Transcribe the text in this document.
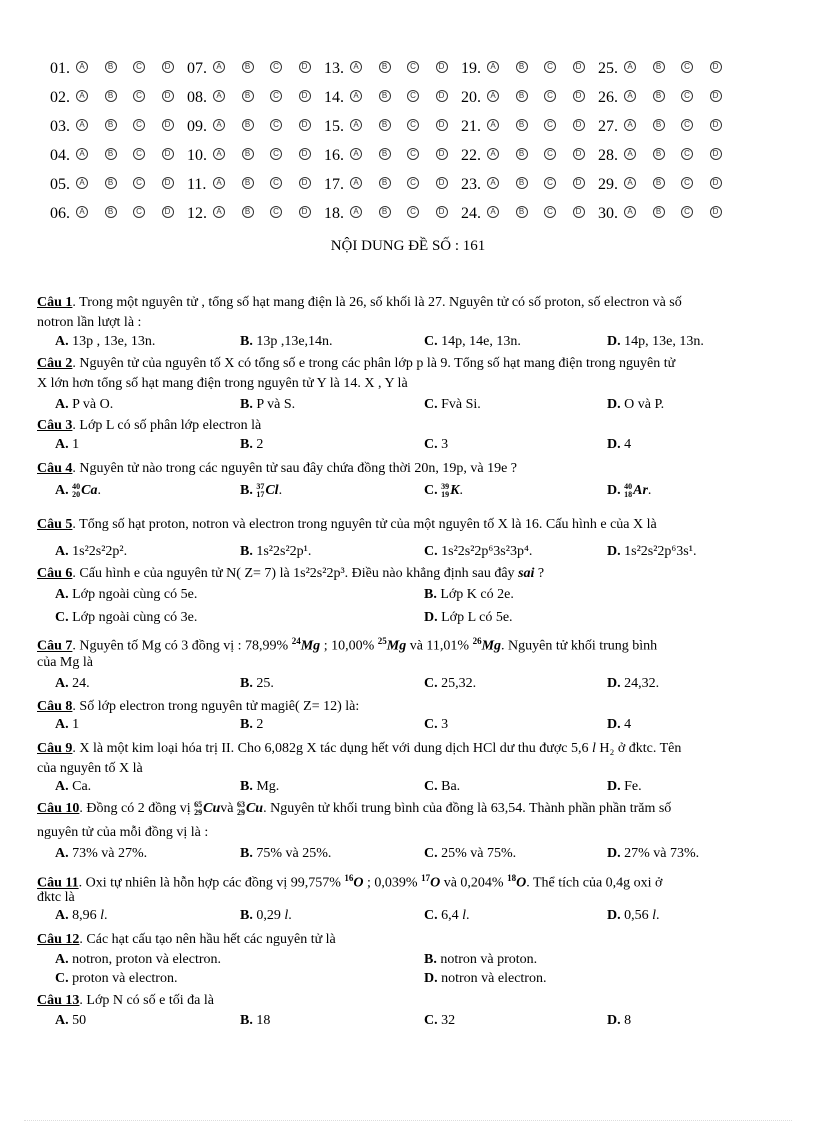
01.	A	B	C	D
02.	A	B	C	D
03.	A	B	C	D
04.	A	B	C	D
05.	A	B	C	D
06.	A	B	C	D
07.	A	B	C	D
08.	A	B	C	D
09.	A	B	C	D
10.	A	B	C	D
11.	A	B	C	D
12.	A	B	C	D
13.	A	B	C	D
14.	A	B	C	D
15.	A	B	C	D
16.	A	B	C	D
17.	A	B	C	D
18.	A	B	C	D
19.	A	B	C	D
20.	A	B	C	D
21.	A	B	C	D
22.	A	B	C	D
23.	A	B	C	D
24.	A	B	C	D
25.	A	B	C	D
26.	A	B	C	D
27.	A	B	C	D
28.	A	B	C	D
29.	A	B	C	D
30.	A	B	C	D
NỘI DUNG ĐỀ SỐ : 161
Câu 1. Trong một nguyên tử , tổng số hạt mang điện là 26, số khối là 27. Nguyên tử có số proton, số electron và số
notron lần lượt là :
A. 13p , 13e, 13n.	B. 13p ,13e,14n.	C. 14p, 14e, 13n.	D. 14p, 13e, 13n.
Câu 2. Nguyên tử của nguyên tố X có tổng số e trong các phân lớp p là 9. Tổng số hạt mang điện trong nguyên tử
X lớn hơn tổng số hạt mang điện trong nguyên tử Y là 14. X , Y là
A. P và O.	B. P và S.	C. Fvà Si.	D. O và P.
Câu 3. Lớp L có số phân lớp electron là
A. 1	B. 2	C. 3	D. 4
Câu 4. Nguyên tử nào trong các nguyên tử sau đây chứa đồng thời 20n, 19p, và 19e ?
A. 40
20 Ca.	B. 37
17 Cl.	C. 39
19 K.	D. 40
18 Ar.
Câu 5. Tổng số hạt proton, notron và electron trong nguyên tử của một nguyên tố X là 16. Cấu hình e của X là
A. 1s²2s²2p².	B. 1s²2s²2p¹.	C. 1s²2s²2p⁶3s²3p⁴.	D. 1s²2s²2p⁶3s¹.
Câu 6. Cấu hình e của nguyên tử N( Z= 7) là 1s²2s²2p³. Điều nào khẳng định sau đây sai ?
A. Lớp ngoài cùng có 5e.	B. Lớp K có 2e.
C. Lớp ngoài cùng có 3e.	D. Lớp L có 5e.
Câu 7. Nguyên tố Mg có 3 đồng vị : 78,99% $^{24}$Mg ; 10,00% $^{25}$Mg và 11,01% $^{26}$Mg. Nguyên tử khối trung bình
của Mg là
A. 24.	B. 25.	C. 25,32.	D. 24,32.
Câu 8. Số lớp electron trong nguyên tử magiê( Z= 12) là:
A. 1	B. 2	C. 3	D. 4
Câu 9. X là một kim loại hóa trị II. Cho 6,082g X tác dụng hết với dung dịch HCl dư thu được 5,6 l H₂ ở đktc. Tên
của nguyên tố X là
A. Ca.	B. Mg.	C. Ba.	D. Fe.
Câu 10. Đồng có 2 đồng vị 65
29 Cuvà 63
29 Cu. Nguyên tử khối trung bình của đồng là 63,54. Thành phần phần trăm số
nguyên tử của mỗi đồng vị là :
A. 73% và 27%.	B. 75% và 25%.	C. 25% và 75%.	D. 27% và 73%.
Câu 11. Oxi tự nhiên là hỗn hợp các đồng vị 99,757% $^{16}$O ; 0,039% $^{17}$O và 0,204% $^{18}$O. Thể tích của 0,4g oxi ở
đktc là
A. 8,96 l.	B. 0,29 l.	C. 6,4 l.	D. 0,56 l.
Câu 12. Các hạt cấu tạo nên hầu hết các nguyên tử là
A. notron, proton và electron.	B. notron và proton.
C. proton và electron.	D. notron và electron.
Câu 13. Lớp N có số e tối đa là
A. 50	B. 18	C. 32	D. 8
